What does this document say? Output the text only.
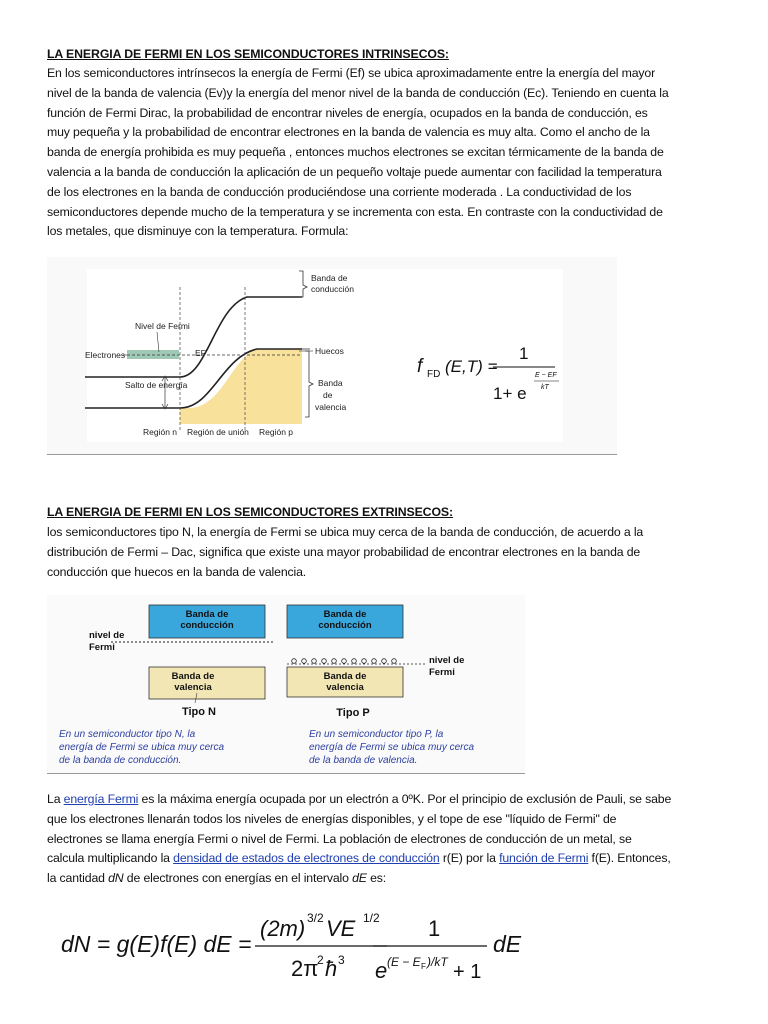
LA ENERGIA DE FERMI EN LOS SEMICONDUCTORES INTRINSECOS:

En los semiconductores intrínsecos la energía de Fermi (Ef) se ubica aproximadamente entre la energía del mayor

nivel de la banda de valencia (Ev)y la energía del menor nivel de la banda de conducción (Ec). Teniendo en cuenta la

función de Fermi Dirac, la probabilidad de encontrar niveles de energía, ocupados en la banda de conducción, es

muy pequeña y la probabilidad de encontrar electrones en la banda de valencia es muy alta. Como el ancho de la

banda de energía prohibida es muy pequeña , entonces muchos electrones se excitan térmicamente de la banda de

valencia a la banda de conducción la aplicación de un pequeño voltaje puede aumentar con facilidad la temperatura

de los electrones en la banda de conducción produciéndose una corriente moderada . La conductividad de los

semiconductores depende mucho de la temperatura y se incrementa con esta. En contraste con la conductividad de

los metales, que disminuye con la temperatura. Formula:

Banda de
conducción
Nivel de Fermi
Electrones	EF	Huecos
Salto de energía	Banda
de
valencia
Región n Región de unión Región p
f FD (E,T) =
1
1+ e
E − EF
kT
LA ENERGIA DE FERMI EN LOS SEMICONDUCTORES EXTRINSECOS:

los semiconductores tipo N, la energía de Fermi se ubica muy cerca de la banda de conducción, de acuerdo a la

distribución de Fermi – Dac, significa que existe una mayor probabilidad de encontrar electrones en la banda de

conducción que huecos en la banda de valencia.

Banda de
conducción
nivel de
Fermi
Banda de
valencia
Tipo N
En un semiconductor tipo N, la
energía de Fermi se ubica muy cerca
de la banda de conducción.
Banda de
conducción
nivel de
Fermi
Banda de
valencia
Tipo P
En un semiconductor tipo P, la
energía de Fermi se ubica muy cerca
de la banda de valencia.

La energía Fermi es la máxima energía ocupada por un electrón a 0ºK. Por el principio de exclusión de Pauli, se sabe

que los electrones llenarán todos los niveles de energías disponibles, y el tope de ese "líquido de Fermi" de

electrones se llama energía Fermi o nivel de Fermi. La población de electrones de conducción de un metal, se

calcula multiplicando la densidad de estados de electrones de conducción r(E) por la función de Fermi f(E). Entonces,

la cantidad dN de electrones con energías en el intervalo dE es:

dN = g(E)f(E) dE =
(2m) 3/2 VE 1/2
2π
2 ħ 3
1
e (E − E F )/kT + 1
dE
